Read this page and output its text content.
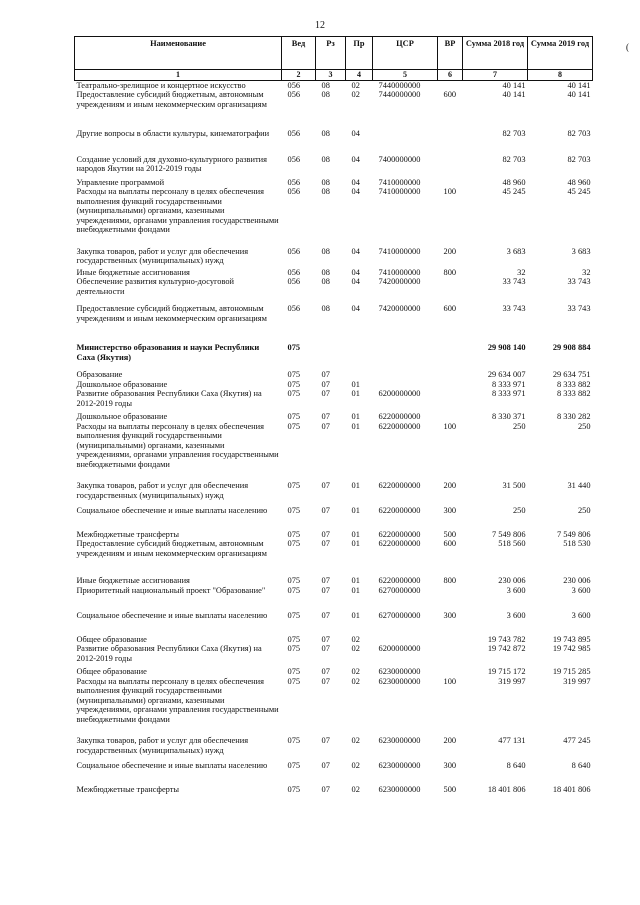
12
(
Наименование	Вед	Рз	Пр	ЦСР	ВР	Сумма 2018 год	Сумма 2019 год
1	2	3	4	5	6	7	8
Театрально-зрелищное и концертное искусство	056	08	02	7440000000		40 141	40 141
Предоставление субсидий бюджетным, автономным учреждениям и иным некоммерческим организациям	056	08	02	7440000000	600	40 141	40 141
Другие вопросы в области культуры, кинематографии	056	08	04			82 703	82 703
Создание условий для духовно-культурного развития народов Якутии на 2012-2019 годы	056	08	04	7400000000		82 703	82 703
Управление программой	056	08	04	7410000000		48 960	48 960
Расходы на выплаты персоналу в целях обеспечения выполнения функций государственными (муниципальными) органами, казенными учреждениями, органами управления государственными внебюджетными фондами	056	08	04	7410000000	100	45 245	45 245
Закупка товаров, работ и услуг для обеспечения государственных (муниципальных) нужд	056	08	04	7410000000	200	3 683	3 683
Иные бюджетные ассигнования	056	08	04	7410000000	800	32	32
Обеспечение развития культурно-досуговой деятельности	056	08	04	7420000000		33 743	33 743
Предоставление субсидий бюджетным, автономным учреждениям и иным некоммерческим организациям	056	08	04	7420000000	600	33 743	33 743
Министерство образования и науки Республики Саха (Якутия)	075					29 908 140	29 908 884
Образование	075	07				29 634 007	29 634 751
Дошкольное образование	075	07	01			8 333 971	8 333 882
Развитие образования Республики Саха (Якутия) на 2012-2019 годы	075	07	01	6200000000		8 333 971	8 333 882
Дошкольное образование	075	07	01	6220000000		8 330 371	8 330 282
Расходы на выплаты персоналу в целях обеспечения выполнения функций государственными (муниципальными) органами, казенными учреждениями, органами управления государственными внебюджетными фондами	075	07	01	6220000000	100	250	250
Закупка товаров, работ и услуг для обеспечения государственных (муниципальных) нужд	075	07	01	6220000000	200	31 500	31 440
Социальное обеспечение и иные выплаты населению	075	07	01	6220000000	300	250	250
Межбюджетные трансферты	075	07	01	6220000000	500	7 549 806	7 549 806
Предоставление субсидий бюджетным, автономным учреждениям и иным некоммерческим организациям	075	07	01	6220000000	600	518 560	518 530
Иные бюджетные ассигнования	075	07	01	6220000000	800	230 006	230 006
Приоритетный национальный проект "Образование"	075	07	01	6270000000		3 600	3 600
Социальное обеспечение и иные выплаты населению	075	07	01	6270000000	300	3 600	3 600
Общее образование	075	07	02			19 743 782	19 743 895
Развитие образования Республики Саха (Якутия) на 2012-2019 годы	075	07	02	6200000000		19 742 872	19 742 985
Общее образование	075	07	02	6230000000		19 715 172	19 715 285
Расходы на выплаты персоналу в целях обеспечения выполнения функций государственными (муниципальными) органами, казенными учреждениями, органами управления государственными внебюджетными фондами	075	07	02	6230000000	100	319 997	319 997
Закупка товаров, работ и услуг для обеспечения государственных (муниципальных) нужд	075	07	02	6230000000	200	477 131	477 245
Социальное обеспечение и иные выплаты населению	075	07	02	6230000000	300	8 640	8 640
Межбюджетные трансферты	075	07	02	6230000000	500	18 401 806	18 401 806
